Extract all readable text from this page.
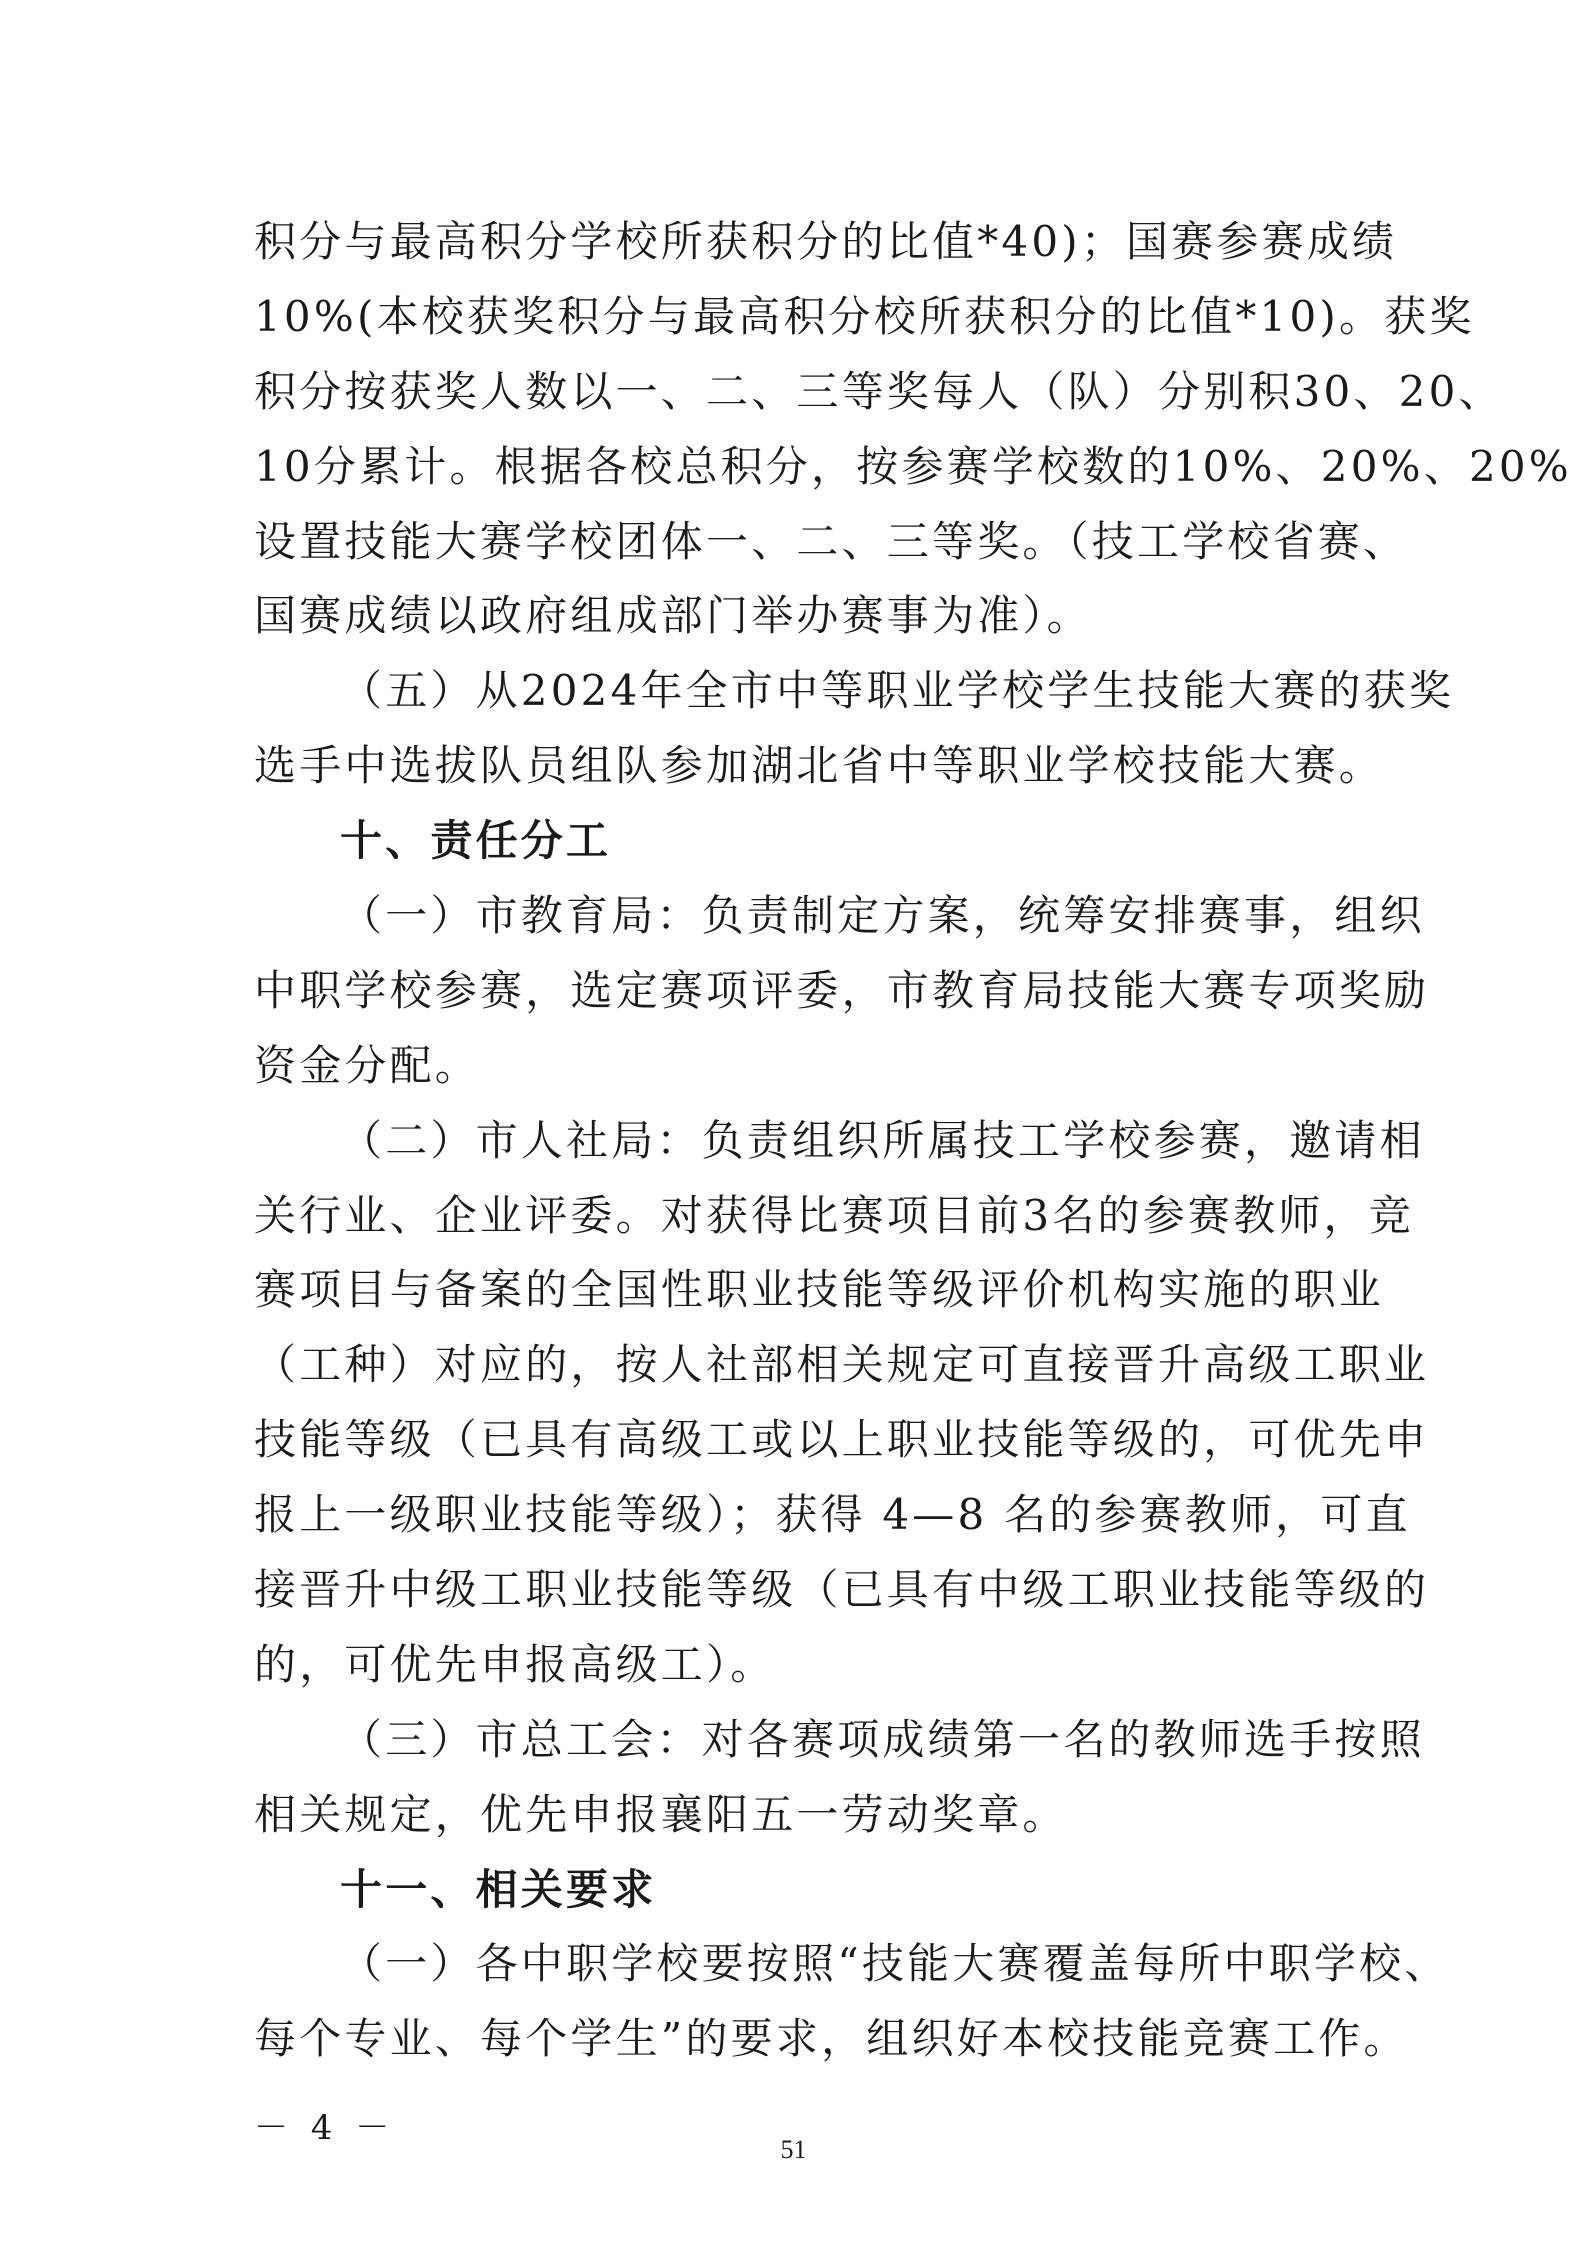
积分与最高积分学校所获积分的比值*40)；国赛参赛成绩
10%(本校获奖积分与最高积分校所获积分的比值*10)。获奖
积分按获奖人数以一、二、三等奖每人（队）分别积30、20、
10分累计。根据各校总积分，按参赛学校数的10%、20%、20%
设置技能大赛学校团体一、二、三等奖。（技工学校省赛、
国赛成绩以政府组成部门举办赛事为准）。
（五）从2024年全市中等职业学校学生技能大赛的获奖
选手中选拔队员组队参加湖北省中等职业学校技能大赛。
十、责任分工
（一）市教育局：负责制定方案，统筹安排赛事，组织
中职学校参赛，选定赛项评委，市教育局技能大赛专项奖励
资金分配。
（二）市人社局：负责组织所属技工学校参赛，邀请相
关行业、企业评委。对获得比赛项目前3名的参赛教师，竞
赛项目与备案的全国性职业技能等级评价机构实施的职业
（工种）对应的，按人社部相关规定可直接晋升高级工职业
技能等级（已具有高级工或以上职业技能等级的，可优先申
报上一级职业技能等级）；获得 4—8 名的参赛教师，可直
接晋升中级工职业技能等级（已具有中级工职业技能等级的
的，可优先申报高级工）。
（三）市总工会：对各赛项成绩第一名的教师选手按照
相关规定，优先申报襄阳五一劳动奖章。
十一、相关要求
（一）各中职学校要按照“技能大赛覆盖每所中职学校、
每个专业、每个学生”的要求，组织好本校技能竞赛工作。
－ 4 －
51
